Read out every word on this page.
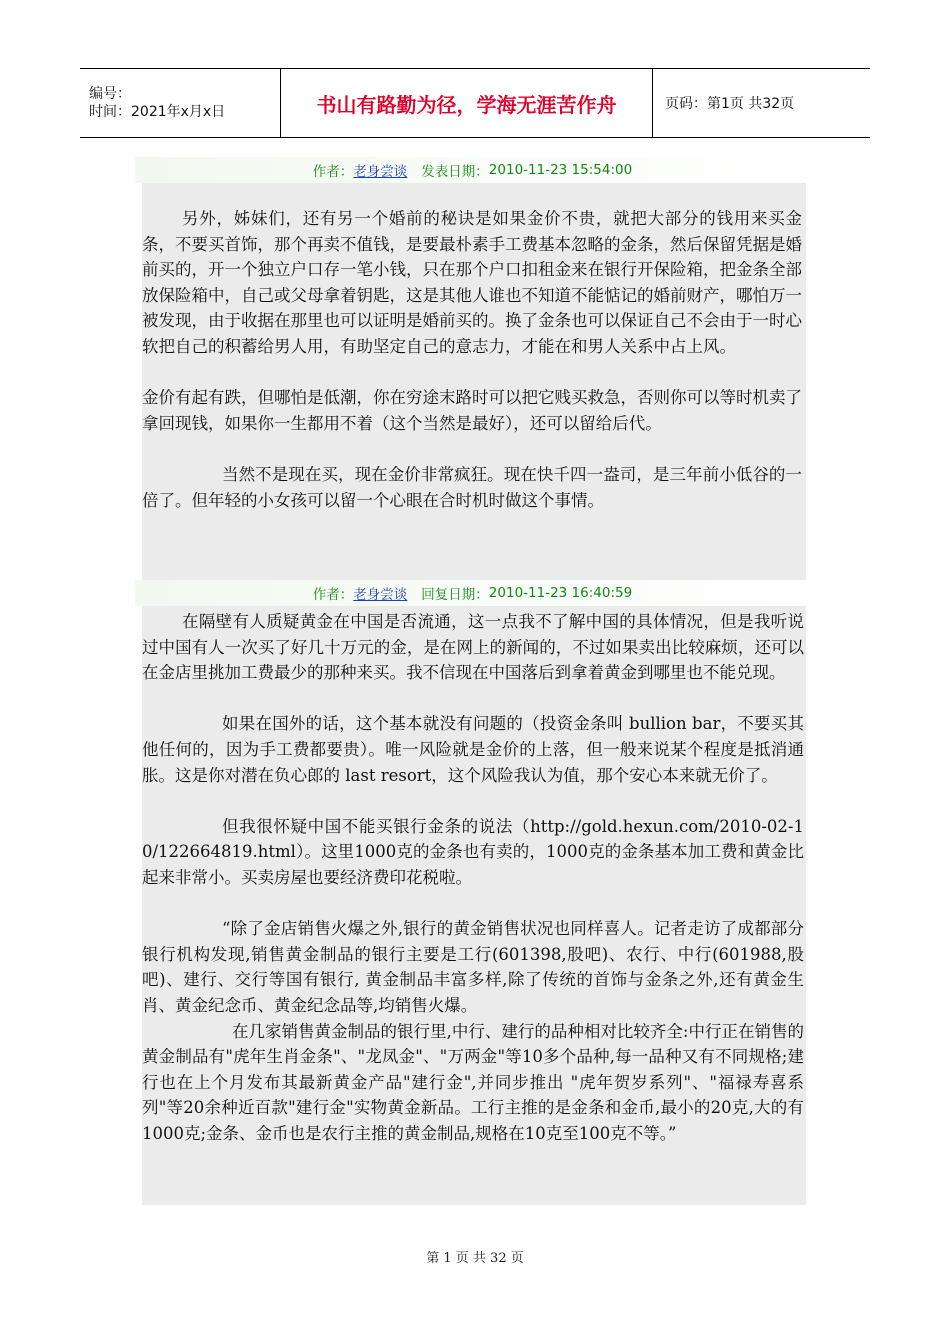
编号：
时间：2021年x月x日	书山有路勤为径，学海无涯苦作舟	页码：第1页 共32页
作者： 老身尝谈 发表日期： 2010-11-23 15:54:00

另外，姊妹们，还有另一个婚前的秘诀是如果金价不贵，就把大部分的钱用来买金条，不要买首饰，那个再卖不值钱，是要最朴素手工费基本忽略的金条，然后保留凭据是婚前买的，开一个独立户口存一笔小钱，只在那个户口扣租金来在银行开保险箱，把金条全部放保险箱中，自己或父母拿着钥匙，这是其他人谁也不知道不能惦记的婚前财产，哪怕万一被发现，由于收据在那里也可以证明是婚前买的。换了金条也可以保证自己不会由于一时心软把自己的积蓄给男人用，有助坚定自己的意志力，才能在和男人关系中占上风。

金价有起有跌，但哪怕是低潮，你在穷途末路时可以把它贱买救急，否则你可以等时机卖了拿回现钱，如果你一生都用不着（这个当然是最好），还可以留给后代。

当然不是现在买，现在金价非常疯狂。现在快千四一盎司，是三年前小低谷的一倍了。但年轻的小女孩可以留一个心眼在合时机时做这个事情。

作者： 老身尝谈 回复日期： 2010-11-23 16:40:59

在隔壁有人质疑黄金在中国是否流通，这一点我不了解中国的具体情况，但是我听说过中国有人一次买了好几十万元的金，是在网上的新闻的，不过如果卖出比较麻烦，还可以在金店里挑加工费最少的那种来买。我不信现在中国落后到拿着黄金到哪里也不能兑现。

如果在国外的话，这个基本就没有问题的（投资金条叫 bullion bar，不要买其他任何的，因为手工费都要贵）。唯一风险就是金价的上落，但一般来说某个程度是抵消通胀。这是你对潜在负心郎的 last resort，这个风险我认为值，那个安心本来就无价了。

但我很怀疑中国不能买银行金条的说法（http://gold.hexun.com/2010-02-10/122664819.html）。这里1000克的金条也有卖的，1000克的金条基本加工费和黄金比起来非常小。买卖房屋也要经济费印花税啦。

“除了金店销售火爆之外,银行的黄金销售状况也同样喜人。记者走访了成都部分银行机构发现,销售黄金制品的银行主要是工行(601398,股吧)、农行、中行(601988,股吧)、建行、交行等国有银行, 黄金制品丰富多样,除了传统的首饰与金条之外,还有黄金生肖、黄金纪念币、黄金纪念品等,均销售火爆。

在几家销售黄金制品的银行里,中行、建行的品种相对比较齐全:中行正在销售的黄金制品有"虎年生肖金条"、"龙凤金"、"万两金"等10多个品种,每一品种又有不同规格;建行也在上个月发布其最新黄金产品"建行金",并同步推出 "虎年贺岁系列"、"福禄寿喜系列"等20余种近百款"建行金"实物黄金新品。工行主推的是金条和金币,最小的20克,大的有1000克;金条、金币也是农行主推的黄金制品,规格在10克至100克不等。”

第 1 页 共 32 页
